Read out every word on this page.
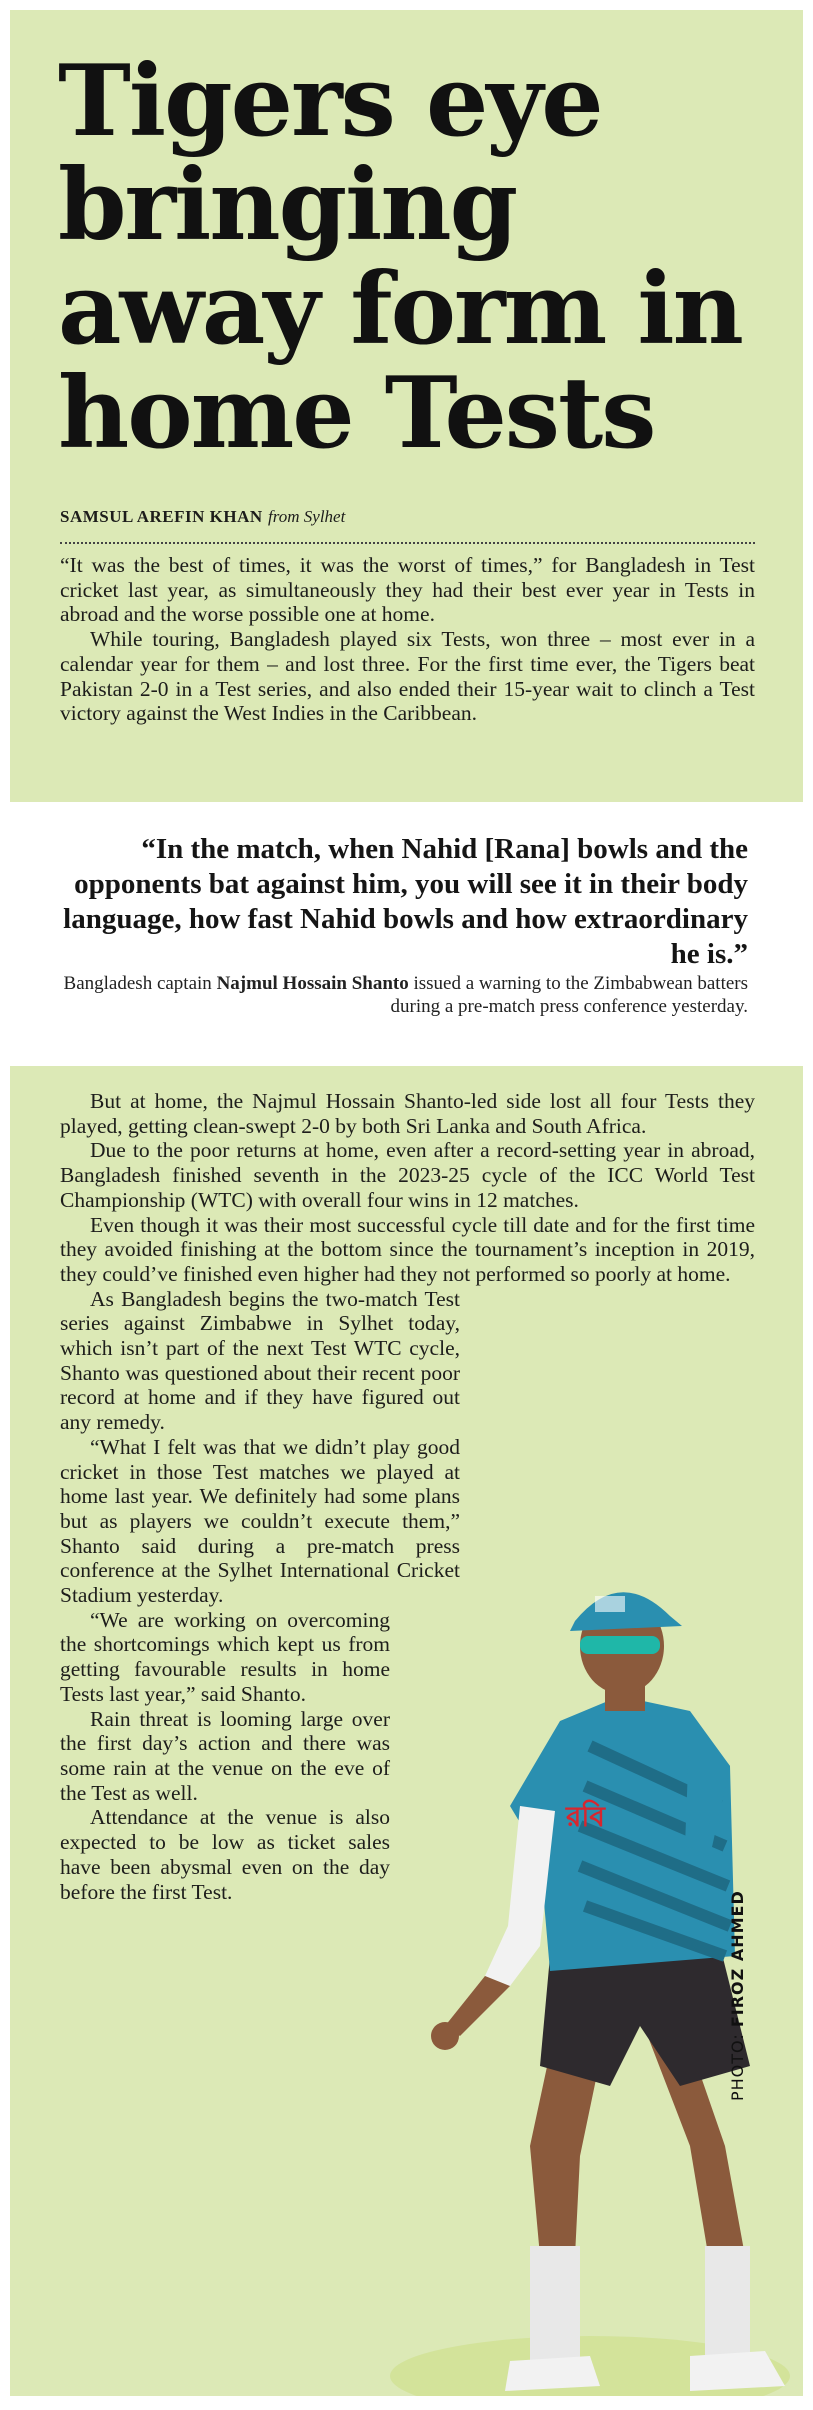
Tigers eye bringing away form in home Tests
SAMSUL AREFIN KHAN from Sylhet

“It was the best of times, it was the worst of times,” for Bangladesh in Test cricket last year, as simultaneously they had their best ever year in Tests in abroad and the worse possible one at home.

While touring, Bangladesh played six Tests, won three – most ever in a calendar year for them – and lost three. For the first time ever, the Tigers beat Pakistan 2-0 in a Test series, and also ended their 15-year wait to clinch a Test victory against the West Indies in the Caribbean.

“In the match, when Nahid [Rana] bowls and the opponents bat against him, you will see it in their body language, how fast Nahid bowls and how extraordinary he is.”

Bangladesh captain Najmul Hossain Shanto issued a warning to the Zimbabwean batters during a pre-match press conference yesterday.

রবি

But at home, the Najmul Hossain Shanto-led side lost all four Tests they played, getting clean-swept 2-0 by both Sri Lanka and South Africa.

Due to the poor returns at home, even after a record-setting year in abroad, Bangladesh finished seventh in the 2023-25 cycle of the ICC World Test Championship (WTC) with overall four wins in 12 matches.

Even though it was their most successful cycle till date and for the first time they avoided finishing at the bottom since the tournament’s inception in 2019, they could’ve finished even higher had they not performed so poorly at home.

As Bangladesh begins the two-match Test series against Zimbabwe in Sylhet today, which isn’t part of the next Test WTC cycle, Shanto was questioned about their recent poor record at home and if they have figured out any remedy.

“What I felt was that we didn’t play good cricket in those Test matches we played at home last year. We definitely had some plans but as players we couldn’t execute them,” Shanto said during a pre-match press conference at the Sylhet International Cricket Stadium yesterday.

“We are working on overcoming the shortcomings which kept us from getting favourable results in home Tests last year,” said Shanto.

Rain threat is looming large over the first day’s action and there was some rain at the venue on the eve of the Test as well.

Attendance at the venue is also expected to be low as ticket sales have been abysmal even on the day before the first Test.

PHOTO: FIROZ AHMED
